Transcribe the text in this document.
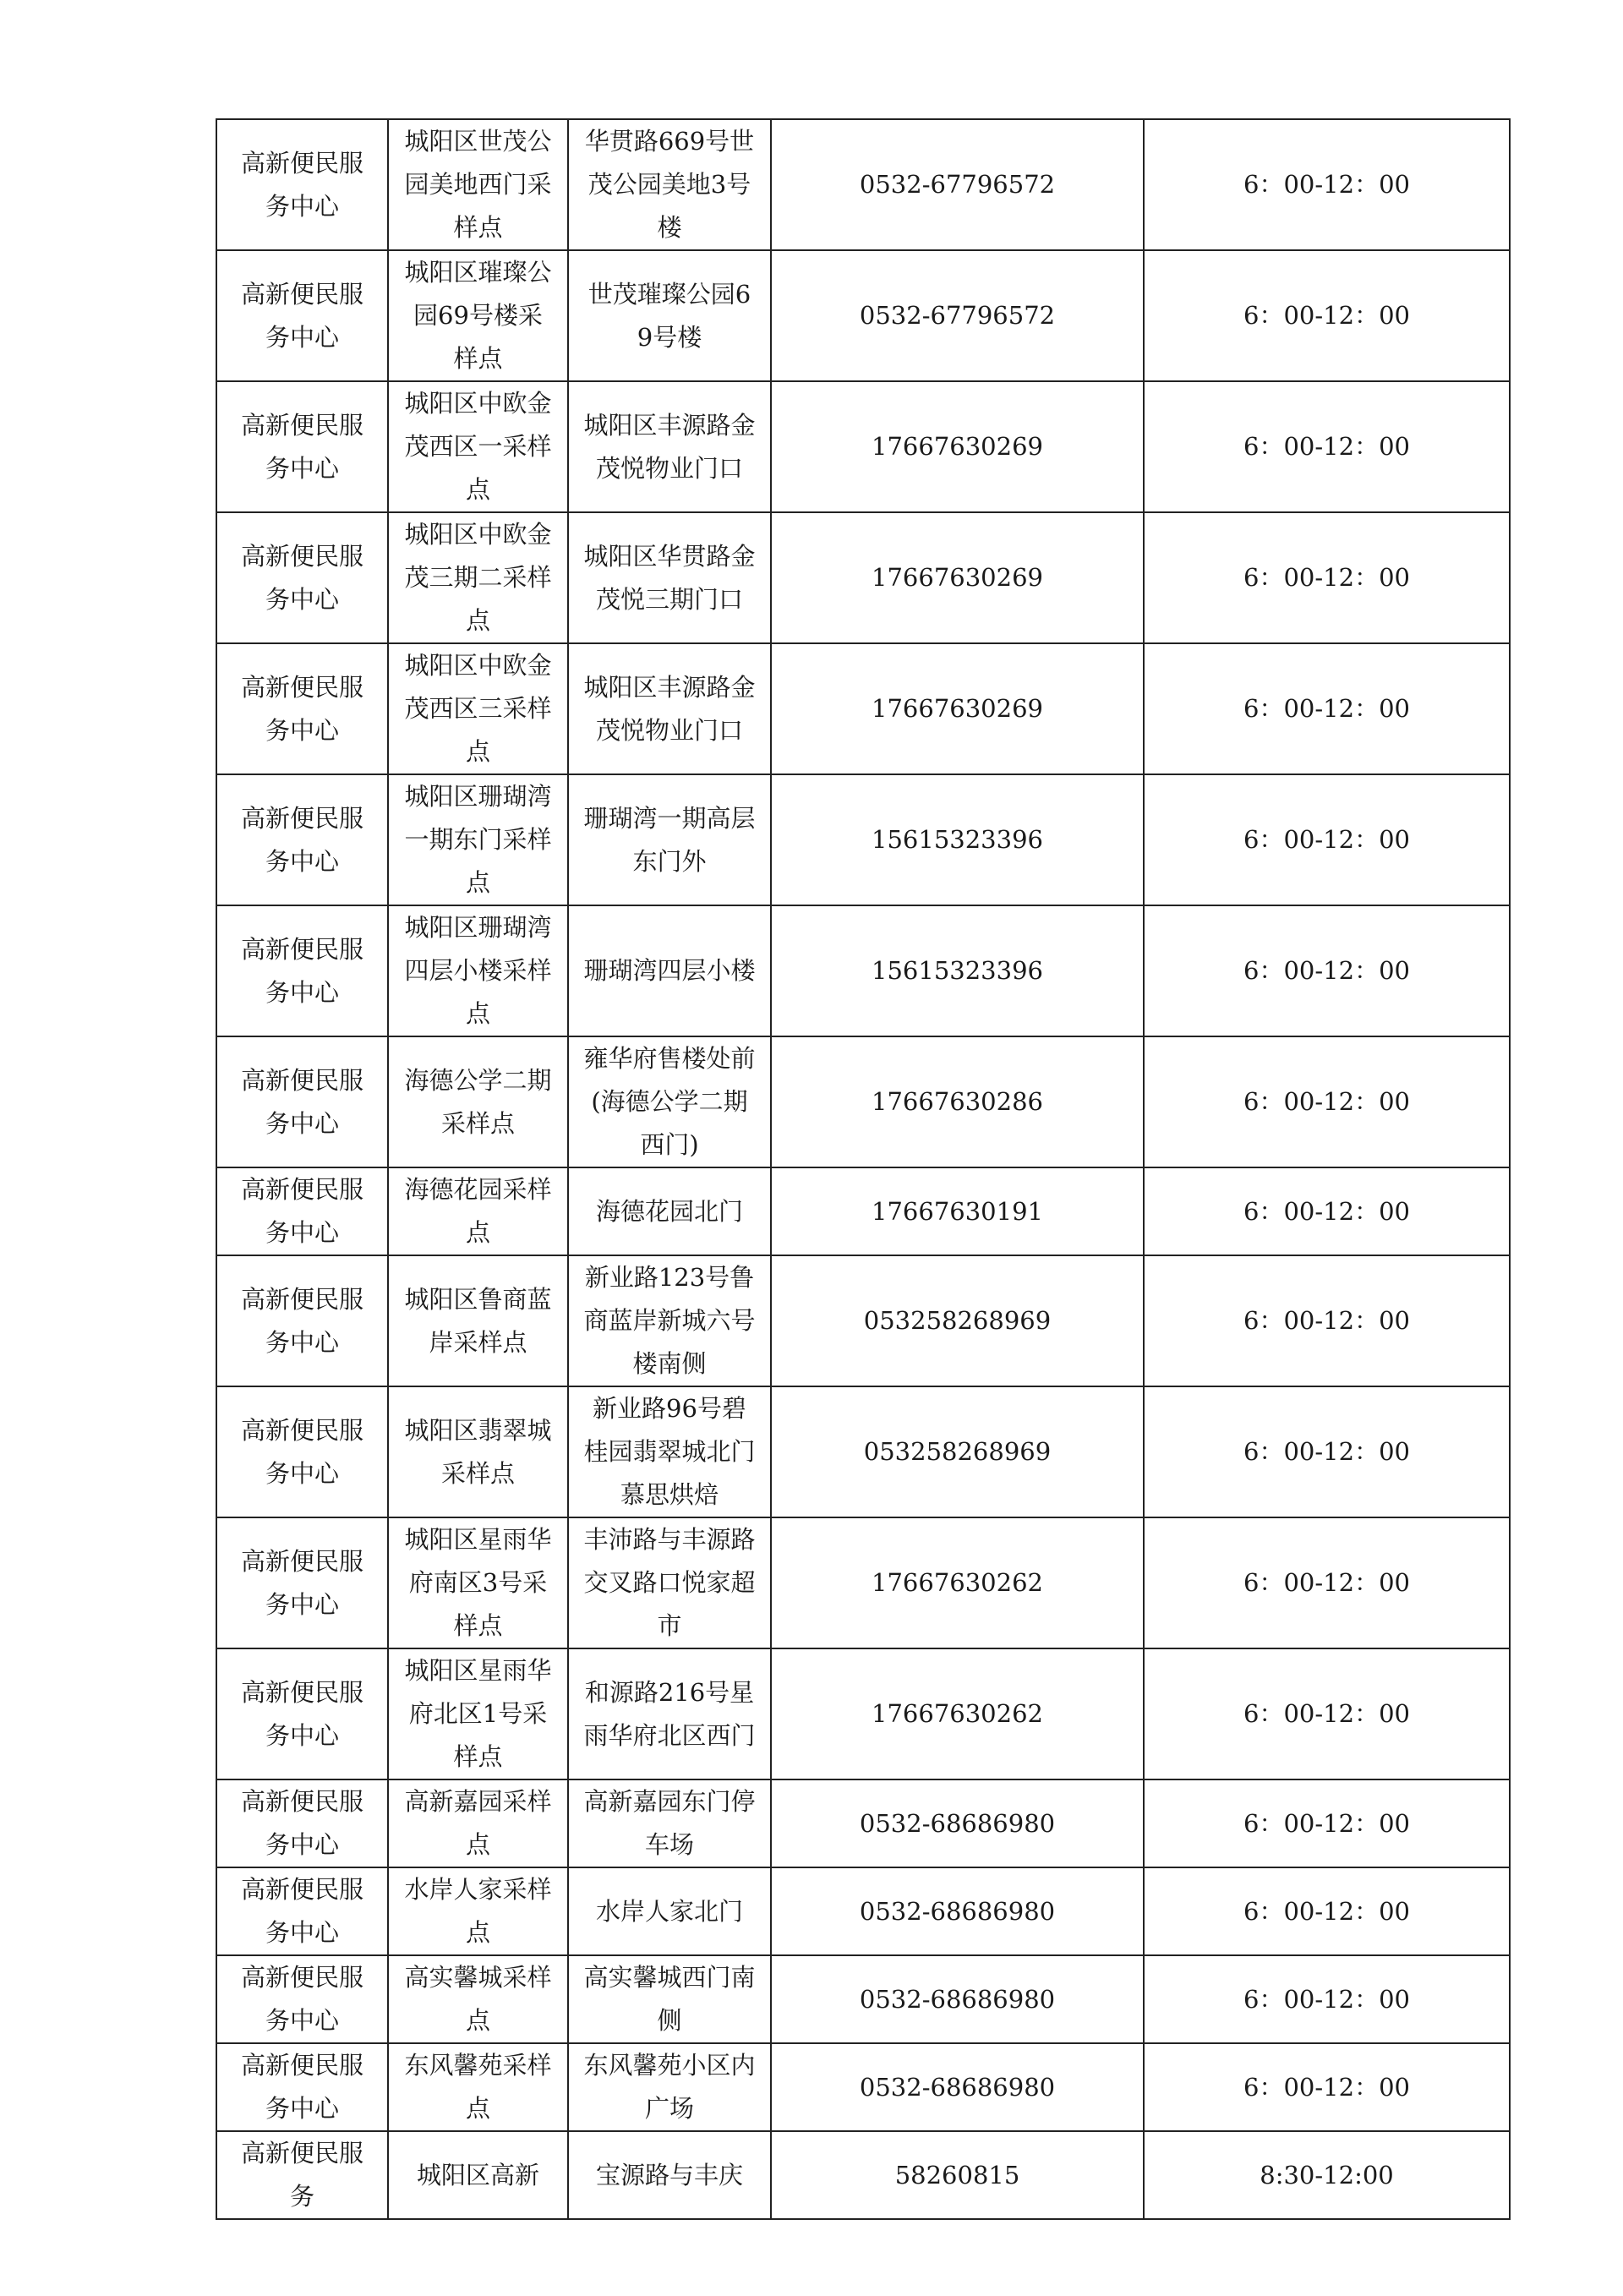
高新便民服务中心	城阳区世茂公园美地西门采样点	华贯路669号世茂公园美地3号楼	0532-67796572	6：00-12：00
高新便民服务中心	城阳区璀璨公园69号楼采样点	世茂璀璨公园69号楼	0532-67796572	6：00-12：00
高新便民服务中心	城阳区中欧金茂西区一采样点	城阳区丰源路金茂悦物业门口	17667630269	6：00-12：00
高新便民服务中心	城阳区中欧金茂三期二采样点	城阳区华贯路金茂悦三期门口	17667630269	6：00-12：00
高新便民服务中心	城阳区中欧金茂西区三采样点	城阳区丰源路金茂悦物业门口	17667630269	6：00-12：00
高新便民服务中心	城阳区珊瑚湾一期东门采样点	珊瑚湾一期高层东门外	15615323396	6：00-12：00
高新便民服务中心	城阳区珊瑚湾四层小楼采样点	珊瑚湾四层小楼	15615323396	6：00-12：00
高新便民服务中心	海德公学二期采样点	雍华府售楼处前(海德公学二期西门)	17667630286	6：00-12：00
高新便民服务中心	海德花园采样点	海德花园北门	17667630191	6：00-12：00
高新便民服务中心	城阳区鲁商蓝岸采样点	新业路123号鲁商蓝岸新城六号楼南侧	053258268969	6：00-12：00
高新便民服务中心	城阳区翡翠城采样点	新业路96号碧桂园翡翠城北门慕思烘焙	053258268969	6：00-12：00
高新便民服务中心	城阳区星雨华府南区3号采样点	丰沛路与丰源路交叉路口悦家超市	17667630262	6：00-12：00
高新便民服务中心	城阳区星雨华府北区1号采样点	和源路216号星雨华府北区西门	17667630262	6：00-12：00
高新便民服务中心	高新嘉园采样点	高新嘉园东门停车场	0532-68686980	6：00-12：00
高新便民服务中心	水岸人家采样点	水岸人家北门	0532-68686980	6：00-12：00
高新便民服务中心	高实馨城采样点	高实馨城西门南侧	0532-68686980	6：00-12：00
高新便民服务中心	东风馨苑采样点	东风馨苑小区内广场	0532-68686980	6：00-12：00
高新便民服务	城阳区高新	宝源路与丰庆	58260815	8:30-12:00
